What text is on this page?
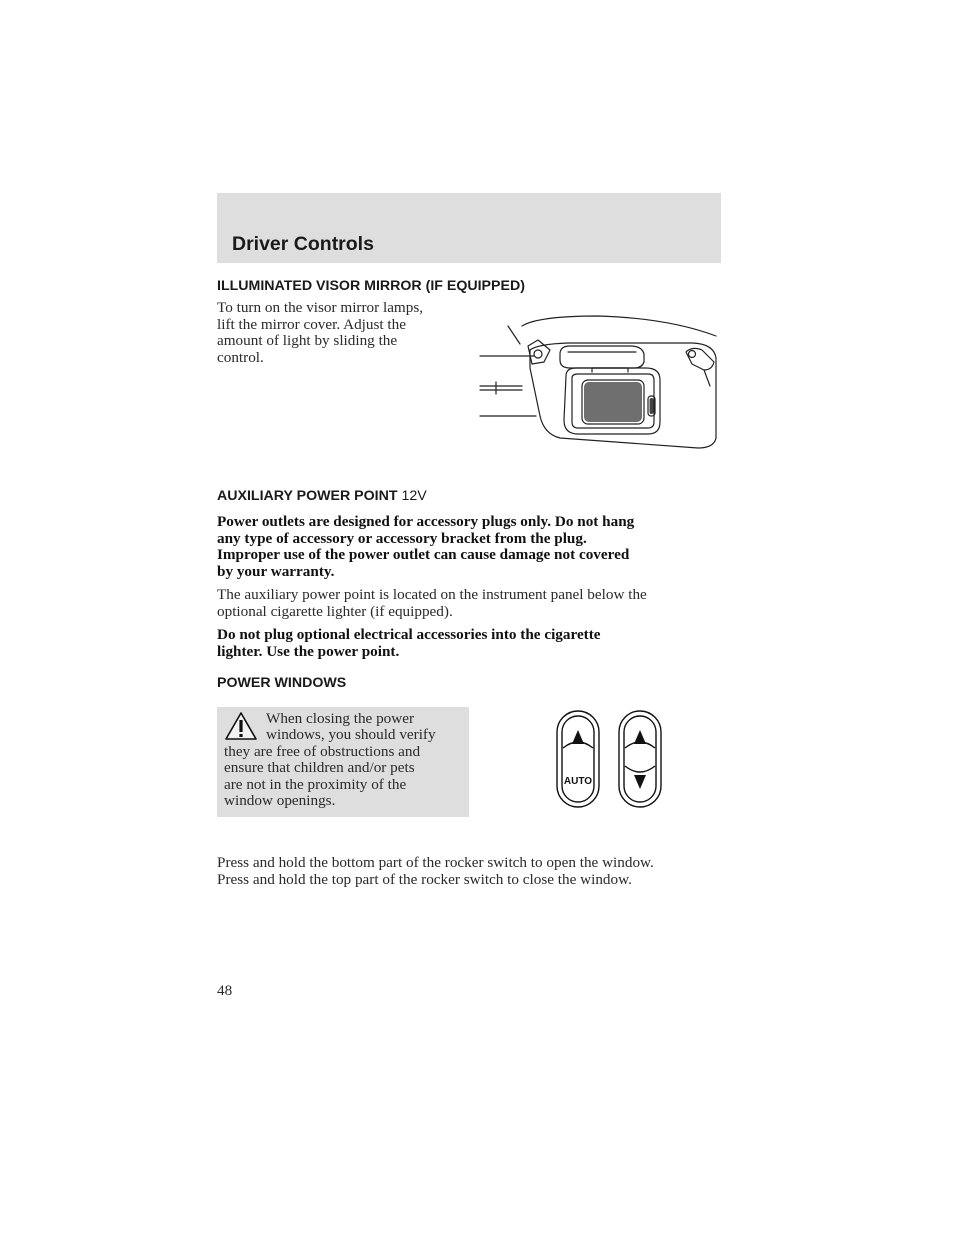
Driver Controls
ILLUMINATED VISOR MIRROR (IF EQUIPPED)
To turn on the visor mirror lamps,
lift the mirror cover. Adjust the
amount of light by sliding the
control.
AUXILIARY POWER POINT 12V
Power outlets are designed for accessory plugs only. Do not hang
any type of accessory or accessory bracket from the plug.
Improper use of the power outlet can cause damage not covered
by your warranty.
The auxiliary power point is located on the instrument panel below the
optional cigarette lighter (if equipped).
Do not plug optional electrical accessories into the cigarette
lighter. Use the power point.
POWER WINDOWS
When closing the power
windows, you should verify
they are free of obstructions and
ensure that children and/or pets
are not in the proximity of the
window openings.
AUTO
Press and hold the bottom part of the rocker switch to open the window.
Press and hold the top part of the rocker switch to close the window.
48
